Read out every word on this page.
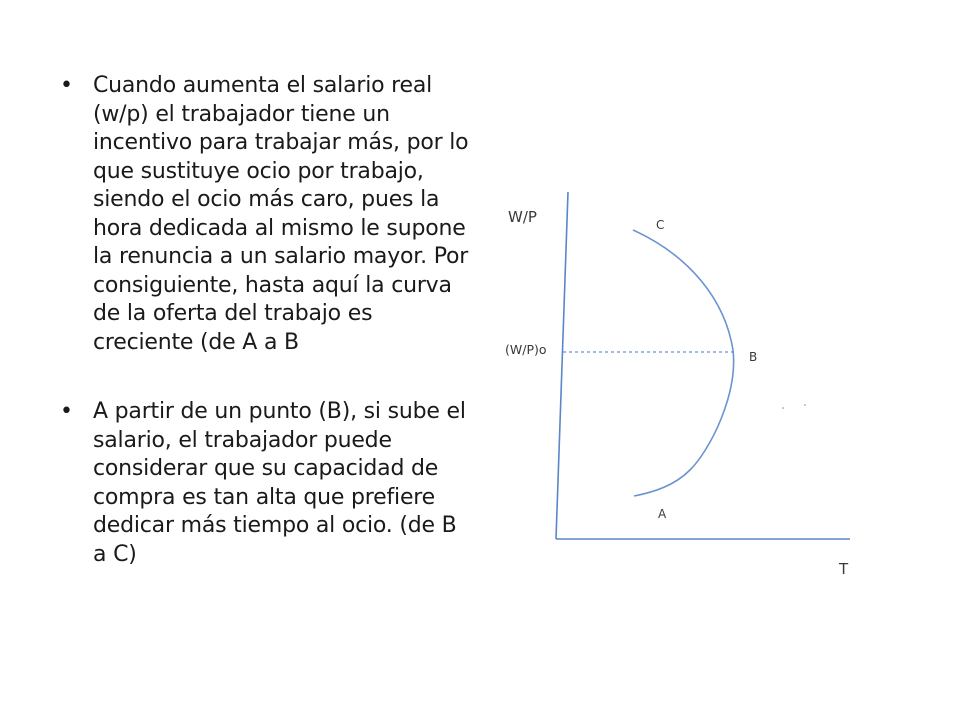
• Cuando aumenta el salario real (w/p) el trabajador tiene un incentivo para trabajar más, por lo que sustituye ocio por trabajo, siendo el ocio más caro, pues la hora dedicada al mismo le supone la renuncia a un salario mayor. Por consiguiente, hasta aquí la curva de la oferta del trabajo es creciente (de A a B
• A partir de un punto (B), si sube el salario, el trabajador puede considerar que su capacidad de compra es tan alta que prefiere dedicar más tiempo al ocio. (de B a C)
W/P
T
(W/P)o
C
B
A
